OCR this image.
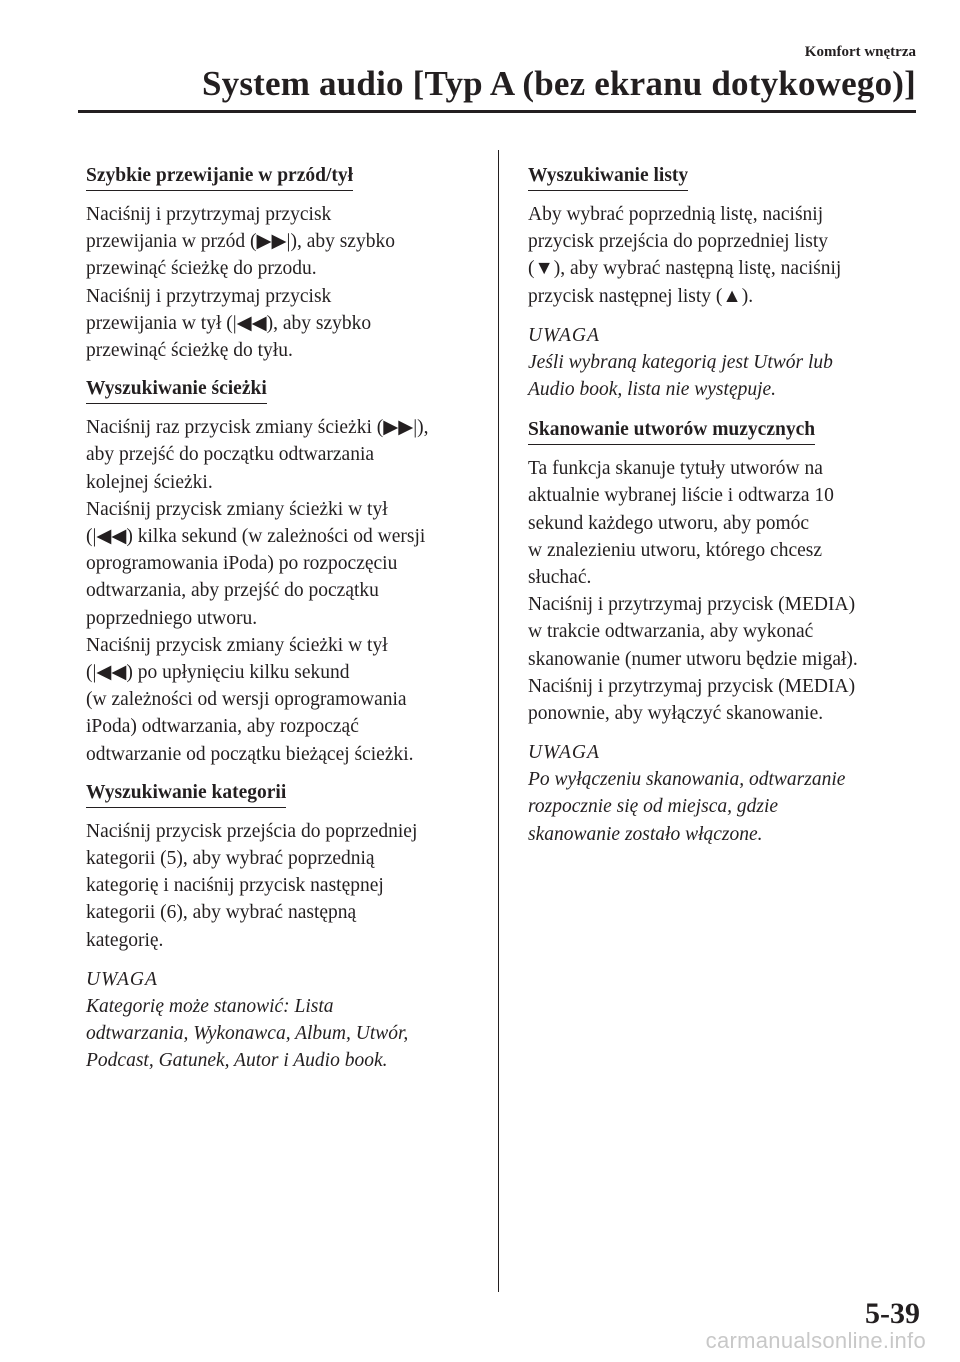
Komfort wnętrza
System audio [Typ A (bez ekranu dotykowego)]
Szybkie przewijanie w przód/tył

Naciśnij i przytrzymaj przycisk
przewijania w przód (▶▶|), aby szybko
przewinąć ścieżkę do przodu.
Naciśnij i przytrzymaj przycisk
przewijania w tył (|◀◀), aby szybko
przewinąć ścieżkę do tyłu.

Wyszukiwanie ścieżki

Naciśnij raz przycisk zmiany ścieżki (▶▶|),
aby przejść do początku odtwarzania
kolejnej ścieżki.
Naciśnij przycisk zmiany ścieżki w tył
(|◀◀) kilka sekund (w zależności od wersji
oprogramowania iPoda) po rozpoczęciu
odtwarzania, aby przejść do początku
poprzedniego utworu.
Naciśnij przycisk zmiany ścieżki w tył
(|◀◀) po upłynięciu kilku sekund
(w zależności od wersji oprogramowania
iPoda) odtwarzania, aby rozpocząć
odtwarzanie od początku bieżącej ścieżki.

Wyszukiwanie kategorii

Naciśnij przycisk przejścia do poprzedniej
kategorii (5), aby wybrać poprzednią
kategorię i naciśnij przycisk następnej
kategorii (6), aby wybrać następną
kategorię.

UWAGA

Kategorię może stanowić: Lista
odtwarzania, Wykonawca, Album, Utwór,
Podcast, Gatunek, Autor i Audio book.

Wyszukiwanie listy

Aby wybrać poprzednią listę, naciśnij
przycisk przejścia do poprzedniej listy
(▼), aby wybrać następną listę, naciśnij
przycisk następnej listy (▲).

UWAGA

Jeśli wybraną kategorią jest Utwór lub
Audio book, lista nie występuje.

Skanowanie utworów muzycznych

Ta funkcja skanuje tytuły utworów na
aktualnie wybranej liście i odtwarza 10
sekund każdego utworu, aby pomóc
w znalezieniu utworu, którego chcesz
słuchać.
Naciśnij i przytrzymaj przycisk (MEDIA)
w trakcie odtwarzania, aby wykonać
skanowanie (numer utworu będzie migał).
Naciśnij i przytrzymaj przycisk (MEDIA)
ponownie, aby wyłączyć skanowanie.

UWAGA

Po wyłączeniu skanowania, odtwarzanie
rozpocznie się od miejsca, gdzie
skanowanie zostało włączone.

5-39
carmanualsonline.info
